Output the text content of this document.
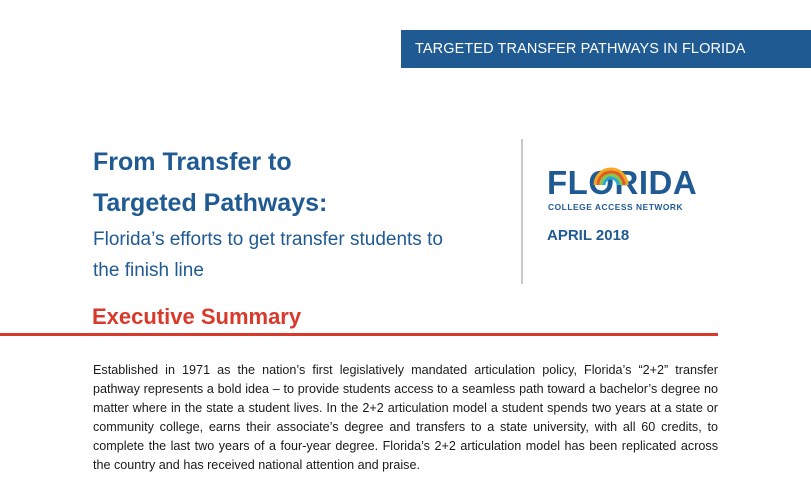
TARGETED TRANSFER PATHWAYS IN FLORIDA
From Transfer to
Targeted Pathways:
Florida’s efforts to get transfer students to
the finish line
FLORIDA
COLLEGE ACCESS NETWORK
APRIL 2018
Executive Summary
Established in 1971 as the nation’s first legislatively mandated articulation policy, Florida’s “2+2” transfer pathway represents a bold idea – to provide students access to a seamless path toward a bachelor’s degree no matter where in the state a student lives. In the 2+2 articulation model a student spends two years at a state or community college, earns their associate’s degree and transfers to a state university, with all 60 credits, to complete the last two years of a four-year degree. Florida’s 2+2 articulation model has been replicated across the country and has received national attention and praise.
